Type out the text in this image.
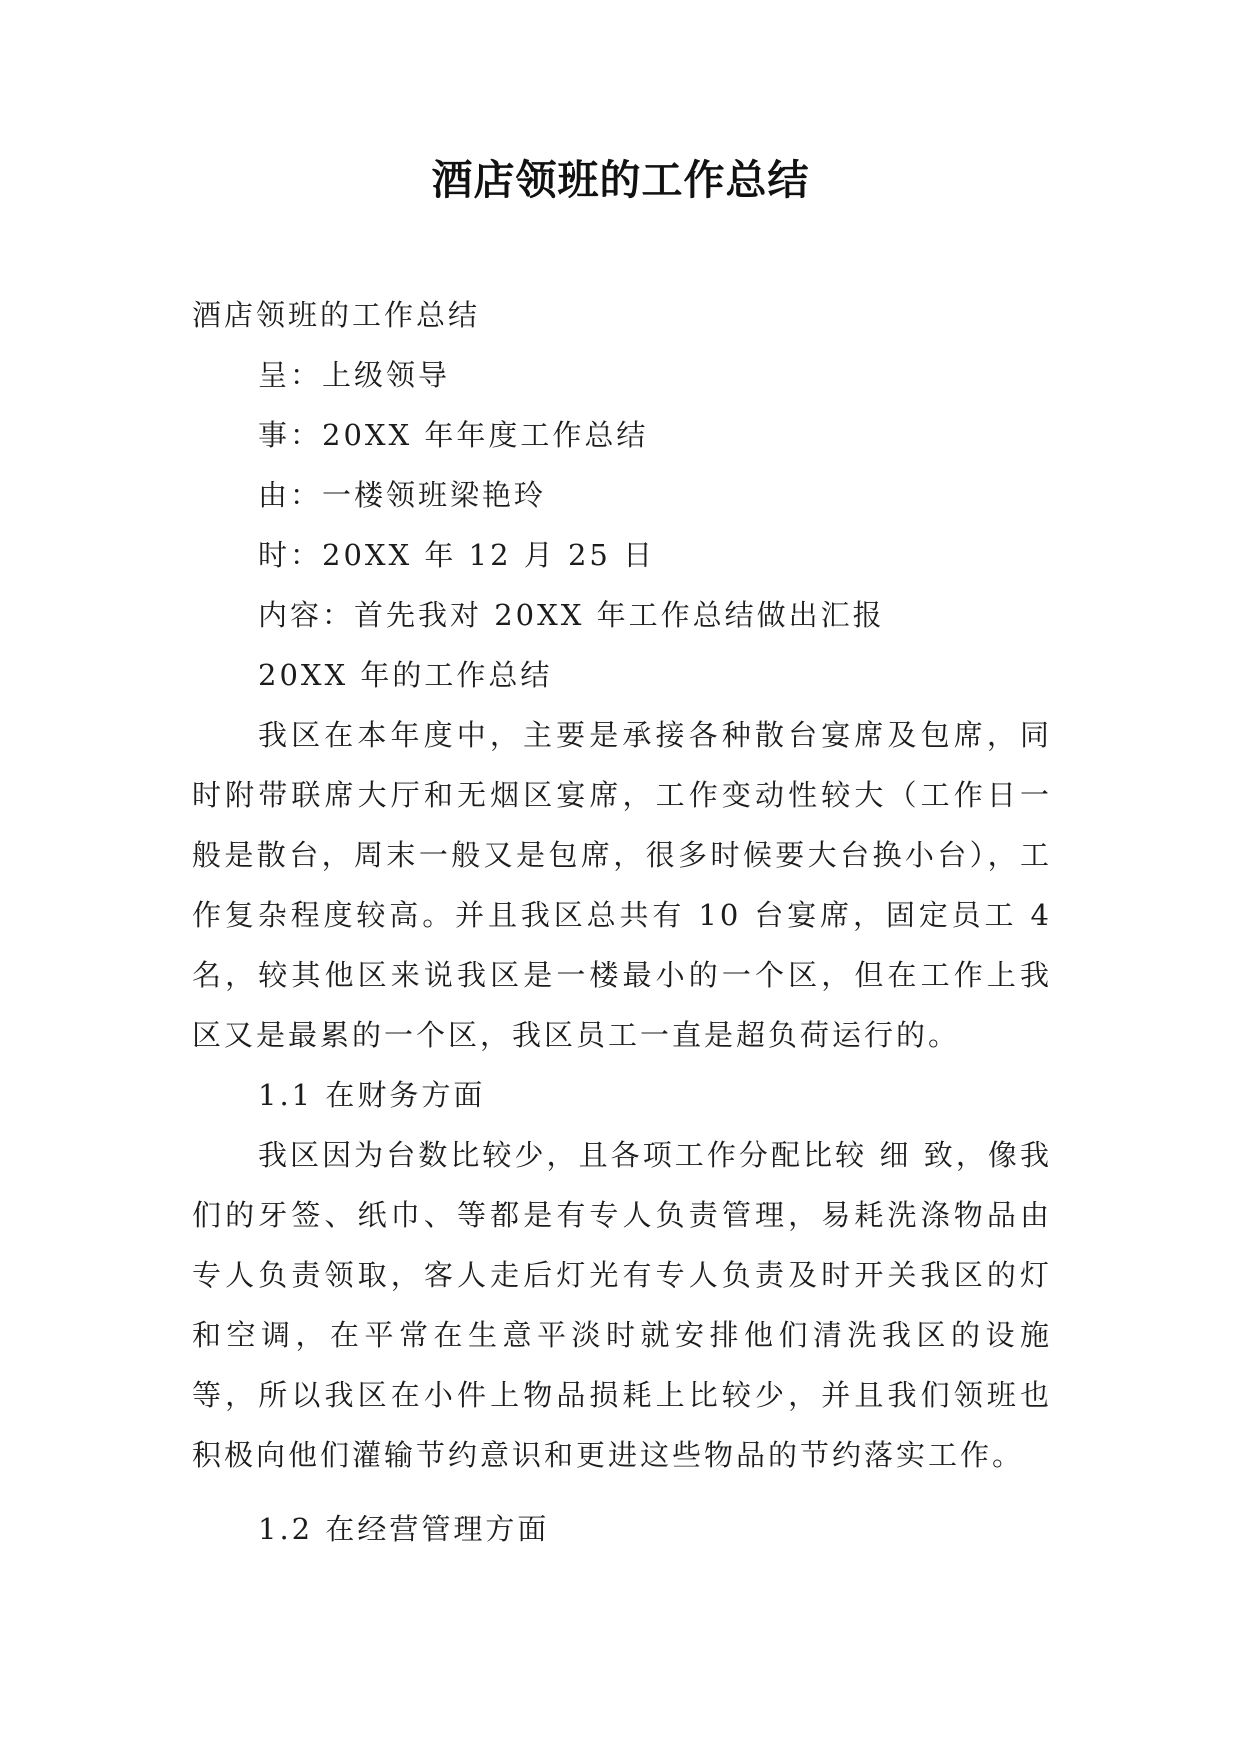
酒店领班的工作总结

酒店领班的工作总结

呈：上级领导

事：20XX 年年度工作总结

由：一楼领班梁艳玲

时：20XX 年 12 月 25 日

内容：首先我对 20XX 年工作总结做出汇报

20XX 年的工作总结

我区在本年度中，主要是承接各种散台宴席及包席，同时附带联席大厅和无烟区宴席，工作变动性较大（工作日一般是散台，周末一般又是包席，很多时候要大台换小台），工作复杂程度较高。并且我区总共有 10 台宴席，固定员工 4 名，较其他区来说我区是一楼最小的一个区，但在工作上我区又是最累的一个区，我区员工一直是超负荷运行的。

1.1 在财务方面

我区因为台数比较少，且各项工作分配比较 细 致，像我们的牙签、纸巾、等都是有专人负责管理，易耗洗涤物品由专人负责领取，客人走后灯光有专人负责及时开关我区的灯和空调，在平常在生意平淡时就安排他们清洗我区的设施等，所以我区在小件上物品损耗上比较少，并且我们领班也积极向他们灌输节约意识和更进这些物品的节约落实工作。

1.2 在经营管理方面
